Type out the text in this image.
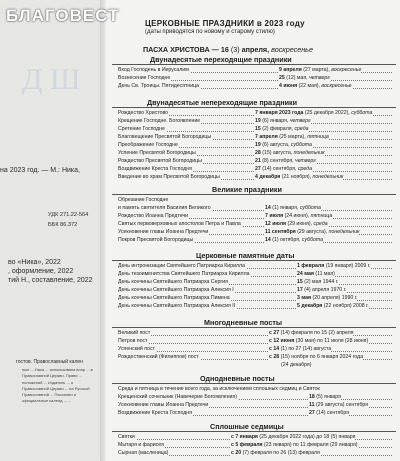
Д Ш
на 2023 год. — М.: Ника,
УДК 271.22-564
ББК 86.372
во «Ника», 2022
, оформление, 2022
тий Н., составление, 2022
гостов. Православный кален
ные ... Ника ... использована вопр ... в Православной Церкви. Прави ... положений ... Издатель ... о Православной Церкви ... на Русской Православной ... Пасхалии и официальные календ ... ...
БЛАГОВЕСТ	ЦЕРКОВНЫЕ ПРАЗДНИКИ в 2023 году
(даты приводятся по новому и старому стилю)
ПАСХА ХРИСТОВА — 16 (3) апреля, воскресенье
Двунадесятые переходящие праздники
Вход Господень в Иерусалим	9 апреля (27 марта), воскресенье
Вознесение Господне	25 (12) мая, четверг
День Св. Троицы. Пятидесятница	4 июня (22 мая), воскресенье
Двунадесятые непереходящие праздники
Рождество Христово	7 января 2023 года (25 декабря 2022), суббота
Крещение Господне. Богоявление	19 (6) января, четверг
Сретение Господне	15 (2) февраля, среда
Благовещение Пресвятой Богородицы	7 апреля (25 марта), пятница
Преображение Господне	19 (6) августа, суббота
Успение Пресвятой Богородицы	28 (15) августа, понедельник
Рождество Пресвятой Богородицы	21 (8) сентября, четверг
Воздвижение Креста Господня	27 (14) сентября, среда
Введение во храм Пресвятой Богородицы	4 декабря (21 ноября), понедельник
Великие праздники
Обрезание Господне
и память святителя Василия Великого	14 (1) января, суббота
Рождество Иоанна Предтечи	7 июля (24 июня), пятница
Святых первоверховных апостолов Петра и Павла	12 июля (29 июня), среда
Усекновение главы Иоанна Предтечи	11 сентября (29 августа), понедельник
Покров Пресвятой Богородицы	14 (1) октября, суббота
Церковные памятные даты
День интронизации Святейшего Патриарха Кирилла	1 февраля (19 января) 2009 г.
День тезоименитства Святейшего Патриарха Кирилла	24 мая (11 мая)
День кончины Святейшего Патриарха Сергия	15 (2) мая 1944 г.
День кончины Святейшего Патриарха Алексия I	17 (4) апреля 1970 г.
День кончины Святейшего Патриарха Пимена	3 мая (20 апреля) 1990 г.
День кончины Святейшего Патриарха Алексия II	5 декабря (22 ноября) 2008 г.
Многодневные посты
Великий пост	с 27 (14) февраля по 15 (2) апреля
Петров пост	с 12 июня (30 мая) по 11 июля (28 июня)
Успенский пост	с 14 (1) по 27 (14) августа
Рождественский (Филиппов) пост	с 28 (15) ноября по 6 января 2024 года
(24 декабря)
Однодневные посты
Среда и пятница в течение всего года, за исключением сплошных седмиц и Святок
Крещенский сочельник (Навечерие Богоявления)	18 (5) января
Усекновение главы Иоанна Предтечи	11 (29 августа) сентября
Воздвижение Креста Господня	27 (14) сентября
Сплошные седмицы
Святки	с 7 января (25 декабря 2022 года) до 18 (5) января
Мытаря и фарисея	с 5 февраля (23 января) по 11 февраля (29 января)
Сырная (масленица)	с 20 (7) февраля по 26 (13) февраля
